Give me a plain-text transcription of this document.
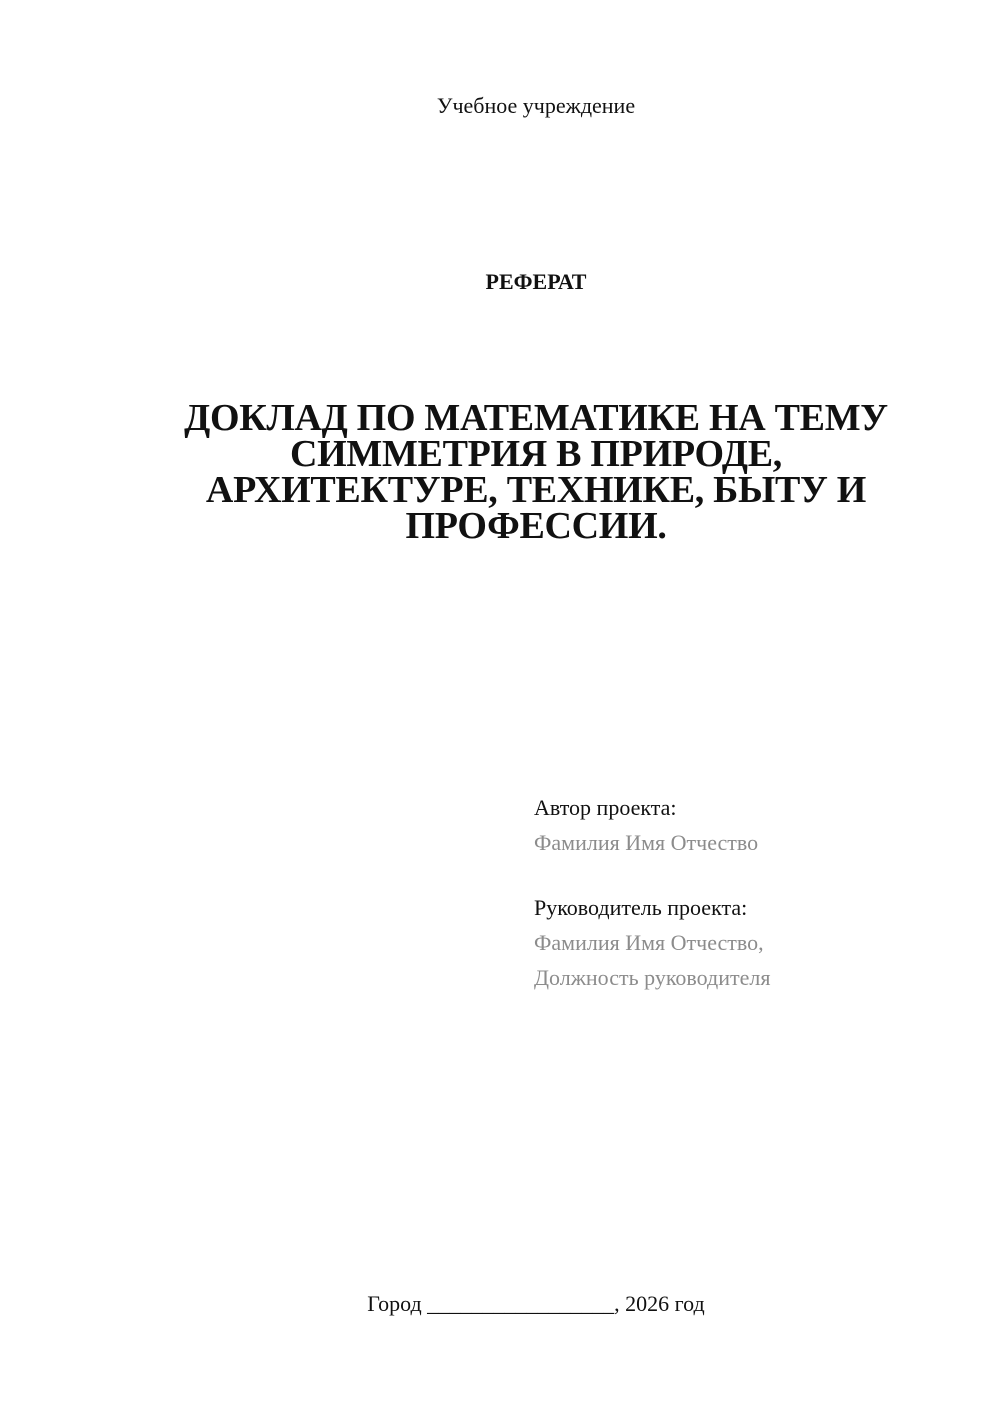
Учебное учреждение
РЕФЕРАТ
ДОКЛАД ПО МАТЕМАТИКЕ НА ТЕМУ
СИММЕТРИЯ В ПРИРОДЕ,
АРХИТЕКТУРЕ, ТЕХНИКЕ, БЫТУ И
ПРОФЕССИИ.
Автор проекта:
Фамилия Имя Отчество
Руководитель проекта:
Фамилия Имя Отчество,
Должность руководителя
Город _________________, 2026 год
